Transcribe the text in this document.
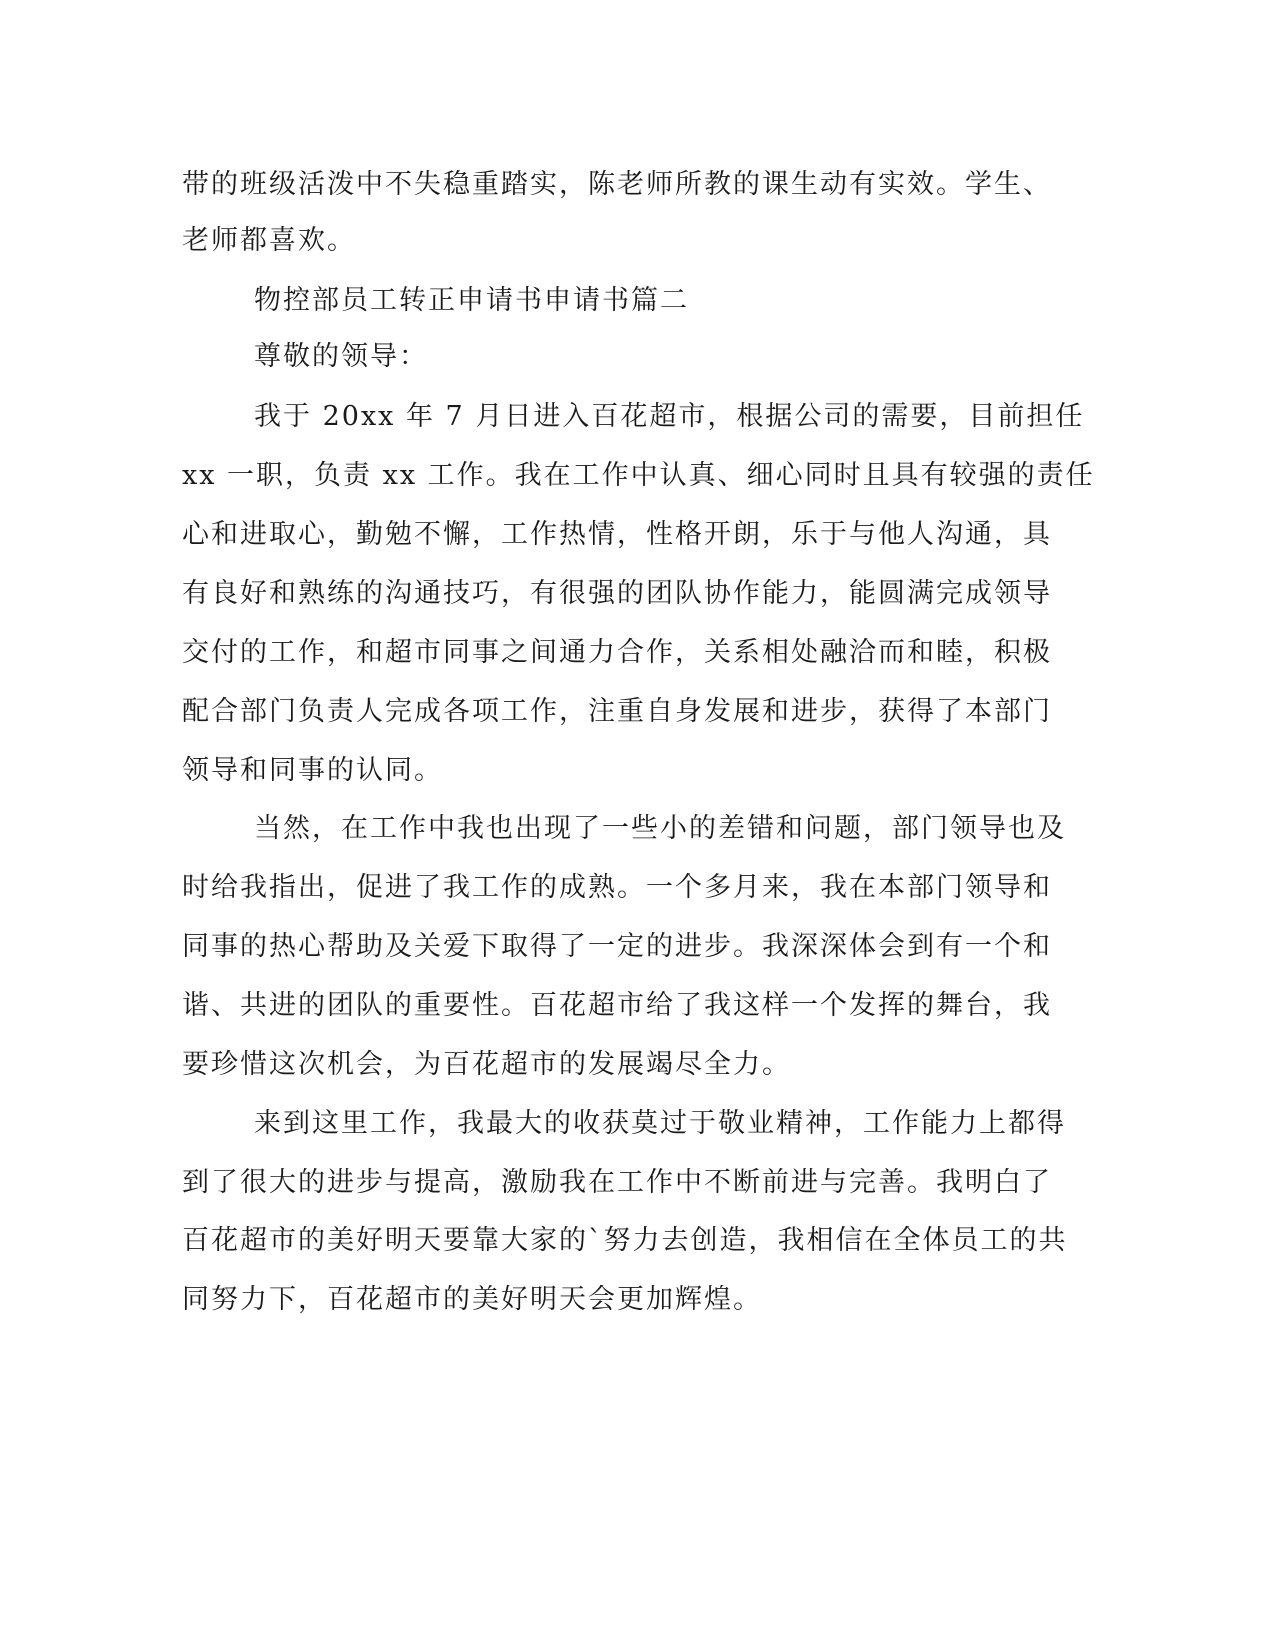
带的班级活泼中不失稳重踏实，陈老师所教的课生动有实效。学生、
老师都喜欢。
物控部员工转正申请书申请书篇二
尊敬的领导：
我于 20xx 年 7 月日进入百花超市，根据公司的需要，目前担任
xx 一职，负责 xx 工作。我在工作中认真、细心同时且具有较强的责任
心和进取心，勤勉不懈，工作热情，性格开朗，乐于与他人沟通，具
有良好和熟练的沟通技巧，有很强的团队协作能力，能圆满完成领导
交付的工作，和超市同事之间通力合作，关系相处融洽而和睦，积极
配合部门负责人完成各项工作，注重自身发展和进步，获得了本部门
领导和同事的认同。
当然，在工作中我也出现了一些小的差错和问题，部门领导也及
时给我指出，促进了我工作的成熟。一个多月来，我在本部门领导和
同事的热心帮助及关爱下取得了一定的进步。我深深体会到有一个和
谐、共进的团队的重要性。百花超市给了我这样一个发挥的舞台，我
要珍惜这次机会，为百花超市的发展竭尽全力。
来到这里工作，我最大的收获莫过于敬业精神，工作能力上都得
到了很大的进步与提高，激励我在工作中不断前进与完善。我明白了
百花超市的美好明天要靠大家的`努力去创造，我相信在全体员工的共
同努力下，百花超市的美好明天会更加辉煌。
